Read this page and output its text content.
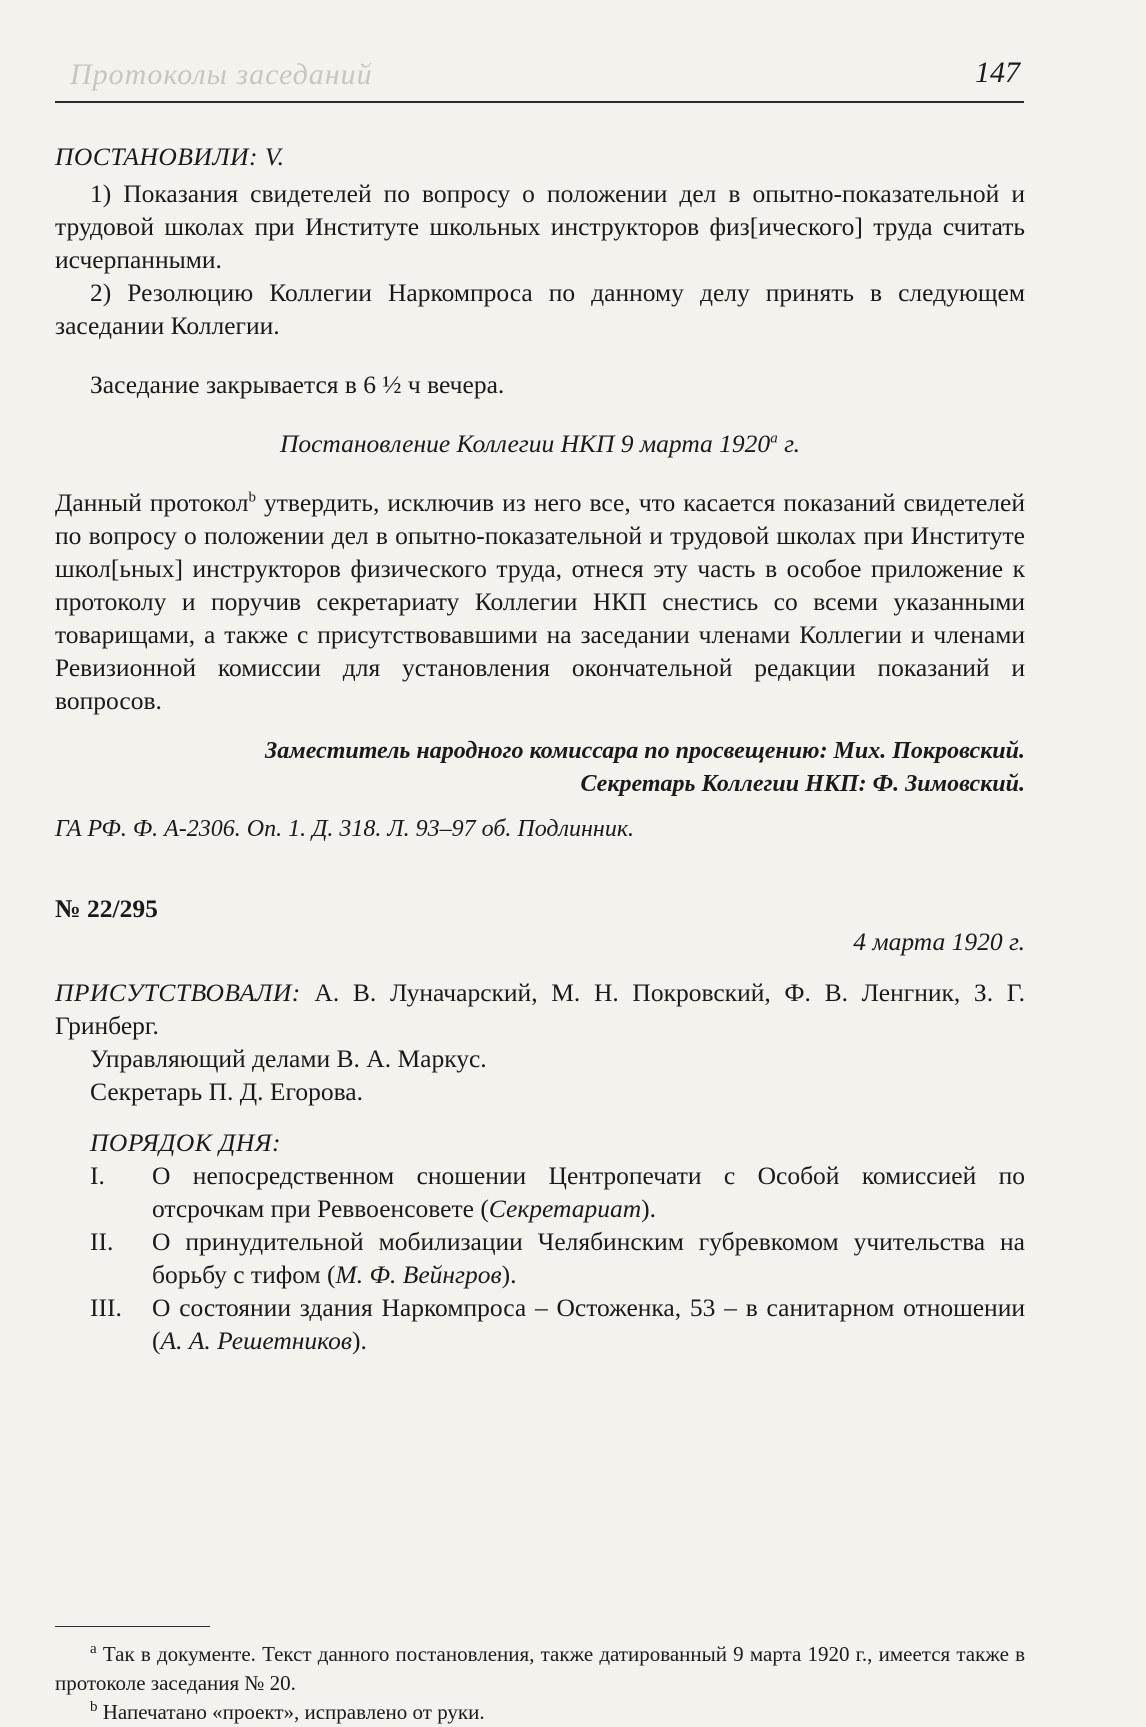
Протоколы заседаний	147

ПОСТАНОВИЛИ: V.

1) Показания свидетелей по вопросу о положении дел в опытно-показательной и трудовой школах при Институте школьных инструкторов физ[ического] труда считать исчерпанными.

2) Резолюцию Коллегии Наркомпроса по данному делу принять в следующем заседании Коллегии.

Заседание закрывается в 6 ½ ч вечера.

Постановление Коллегии НКП 9 марта $1920^а$ г.

Данный протокол$^b$ утвердить, исключив из него все, что касается показаний свидетелей по вопросу о положении дел в опытно-показательной и трудовой школах при Институте школ[ьных] инструкторов физического труда, отнеся эту часть в особое приложение к протоколу и поручив секретариату Коллегии НКП снестись со всеми указанными товарищами, а также с присутствовавшими на заседании членами Коллегии и членами Ревизионной комиссии для установления окончательной редакции показаний и вопросов.

Заместитель народного комиссара по просвещению: Мих. Покровский.

Секретарь Коллегии НКП: Ф. Зимовский.

ГА РФ. Ф. А-2306. Оп. 1. Д. 318. Л. 93–97 об. Подлинник.

№ 22/295

4 марта 1920 г.

ПРИСУТСТВОВАЛИ: А. В. Луначарский, М. Н. Покровский, Ф. В. Ленгник, З. Г. Гринберг.

Управляющий делами В. А. Маркус.

Секретарь П. Д. Егорова.

ПОРЯДОК ДНЯ:

I.	О непосредственном сношении Центропечати с Особой комиссией по отсрочкам при Реввоенсовете (Секретариат).
II.	О принудительной мобилизации Челябинским губревкомом учительства на борьбу с тифом (М. Ф. Вейнгров).
III.	О состоянии здания Наркомпроса – Остоженка, 53 – в санитарном отношении (А. А. Решетников).

$^а$ Так в документе. Текст данного постановления, также датированный 9 марта 1920 г., имеется также в протоколе заседания № 20.

$^b$ Напечатано «проект», исправлено от руки.
